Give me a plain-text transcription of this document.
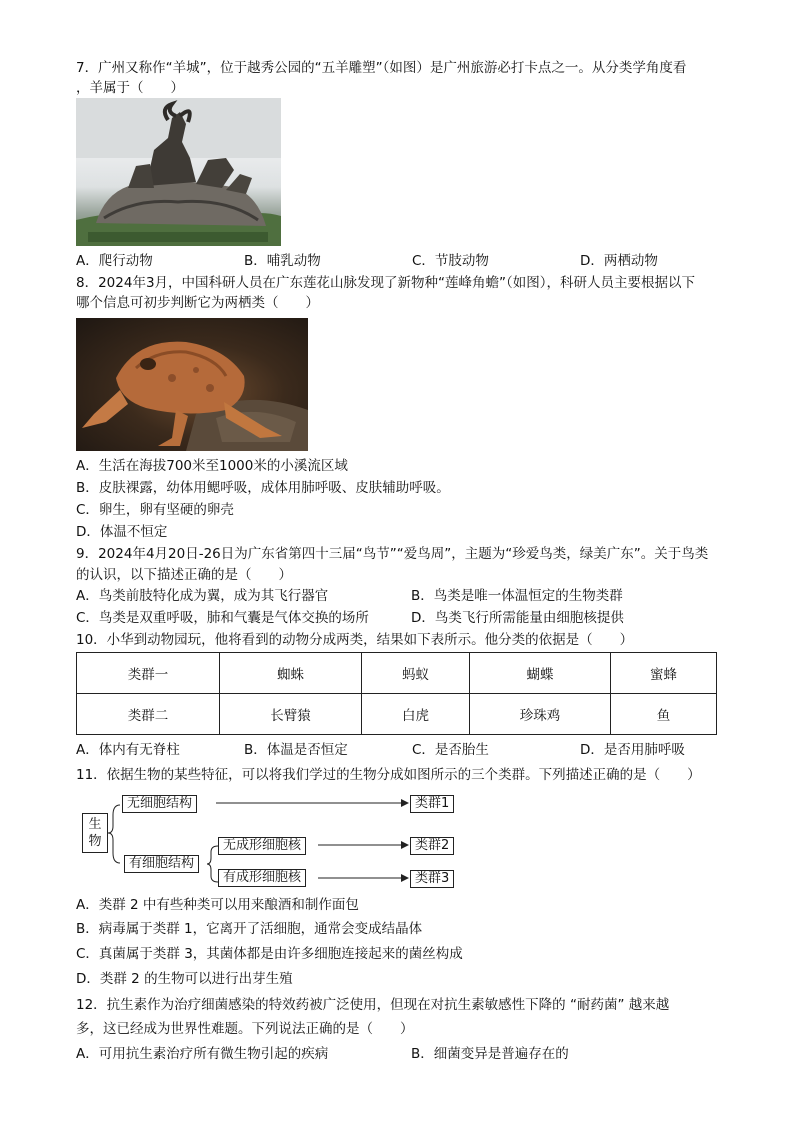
7．广州又称作“羊城”，位于越秀公园的“五羊雕塑”（如图）是广州旅游必打卡点之一。从分类学角度看
，羊属于（　　）
A．爬行动物	B．哺乳动物	C．节肢动物	D．两栖动物
8．2024年3月，中国科研人员在广东莲花山脉发现了新物种“莲峰角蟾”（如图），科研人员主要根据以下
哪个信息可初步判断它为两栖类（　　）
A．生活在海拔700米至1000米的小溪流区域
B．皮肤裸露，幼体用鳃呼吸，成体用肺呼吸、皮肤辅助呼吸。
C．卵生，卵有坚硬的卵壳
D．体温不恒定
9．2024年4月20日-26日为广东省第四十三届“鸟节”“爱鸟周”，主题为“珍爱鸟类，绿美广东”。关于鸟类
的认识，以下描述正确的是（　　）
A．鸟类前肢特化成为翼，成为其飞行器官	B．鸟类是唯一体温恒定的生物类群
C．鸟类是双重呼吸，肺和气囊是气体交换的场所	D．鸟类飞行所需能量由细胞核提供
10．小华到动物园玩，他将看到的动物分成两类，结果如下表所示。他分类的依据是（　　）
类群一	蜘蛛	蚂蚁	蝴蝶	蜜蜂
类群二	长臂猿	白虎	珍珠鸡	鱼
A．体内有无脊柱	B．体温是否恒定	C．是否胎生	D．是否用肺呼吸
11．依据生物的某些特征，可以将我们学过的生物分成如图所示的三个类群。下列描述正确的是（　　）
生物
无细胞结构
有细胞结构
无成形细胞核
有成形细胞核
类群1
类群2
类群3
A．类群 2 中有些种类可以用来酿酒和制作面包
B．病毒属于类群 1，它离开了活细胞，通常会变成结晶体
C．真菌属于类群 3，其菌体都是由许多细胞连接起来的菌丝构成
D．类群 2 的生物可以进行出芽生殖
12．抗生素作为治疗细菌感染的特效药被广泛使用，但现在对抗生素敏感性下降的 “耐药菌” 越来越
多，这已经成为世界性难题。下列说法正确的是（　　）
A．可用抗生素治疗所有微生物引起的疾病	B．细菌变异是普遍存在的
